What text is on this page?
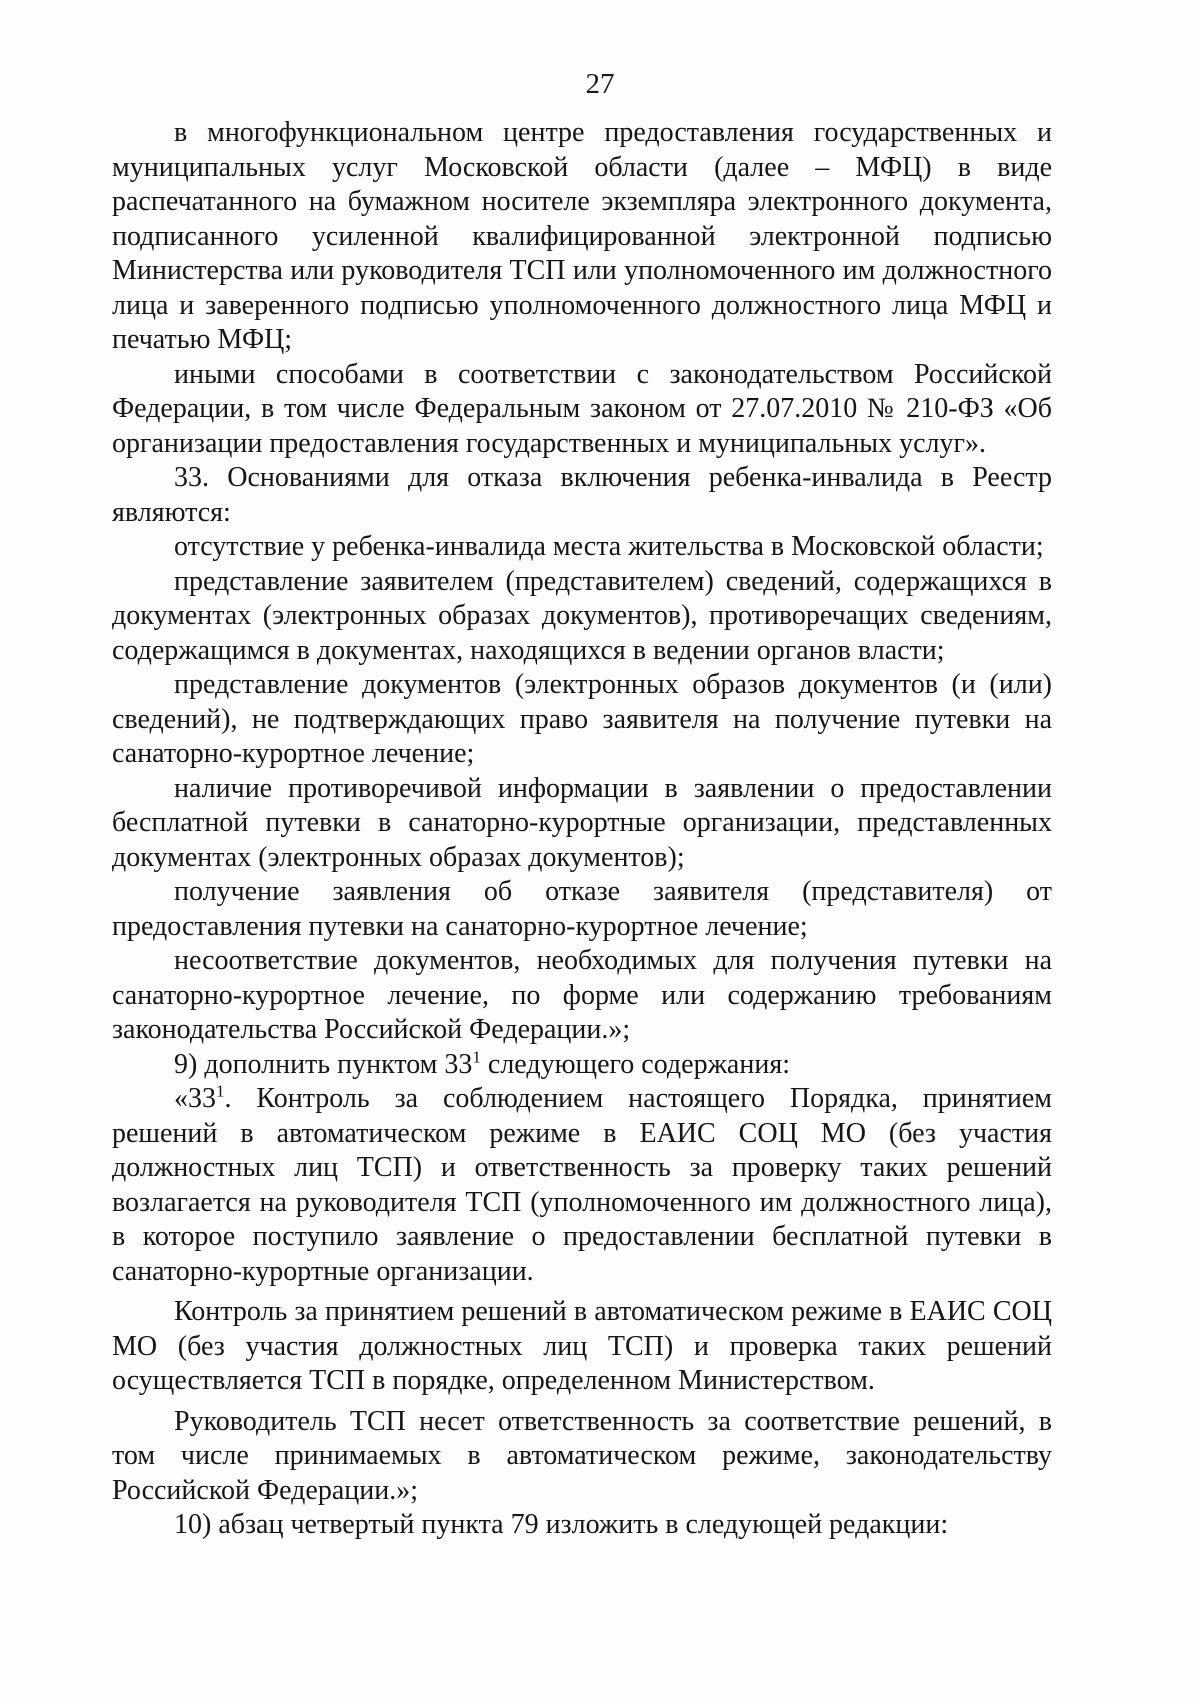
27

в многофункциональном центре предоставления государственных и муниципальных услуг Московской области (далее – МФЦ) в виде распечатанного на бумажном носителе экземпляра электронного документа, подписанного усиленной квалифицированной электронной подписью Министерства или руководителя ТСП или уполномоченного им должностного лица и заверенного подписью уполномоченного должностного лица МФЦ и печатью МФЦ;

иными способами в соответствии с законодательством Российской Федерации, в том числе Федеральным законом от 27.07.2010 № 210-ФЗ «Об организации предоставления государственных и муниципальных услуг».

33. Основаниями для отказа включения ребенка-инвалида в Реестр являются:

отсутствие у ребенка-инвалида места жительства в Московской области;

представление заявителем (представителем) сведений, содержащихся в документах (электронных образах документов), противоречащих сведениям, содержащимся в документах, находящихся в ведении органов власти;

представление документов (электронных образов документов (и (или) сведений), не подтверждающих право заявителя на получение путевки на санаторно-курортное лечение;

наличие противоречивой информации в заявлении о предоставлении бесплатной путевки в санаторно-курортные организации, представленных документах (электронных образах документов);

получение заявления об отказе заявителя (представителя) от предоставления путевки на санаторно-курортное лечение;

несоответствие документов, необходимых для получения путевки на санаторно-курортное лечение, по форме или содержанию требованиям законодательства Российской Федерации.»;

9) дополнить пунктом $33^1$ следующего содержания:

«$33^1$. Контроль за соблюдением настоящего Порядка, принятием решений в автоматическом режиме в ЕАИС СОЦ МО (без участия должностных лиц ТСП) и ответственность за проверку таких решений возлагается на руководителя ТСП (уполномоченного им должностного лица), в которое поступило заявление о предоставлении бесплатной путевки в санаторно-курортные организации.

Контроль за принятием решений в автоматическом режиме в ЕАИС СОЦ МО (без участия должностных лиц ТСП) и проверка таких решений осуществляется ТСП в порядке, определенном Министерством.

Руководитель ТСП несет ответственность за соответствие решений, в том числе принимаемых в автоматическом режиме, законодательству Российской Федерации.»;

10) абзац четвертый пункта 79 изложить в следующей редакции:
